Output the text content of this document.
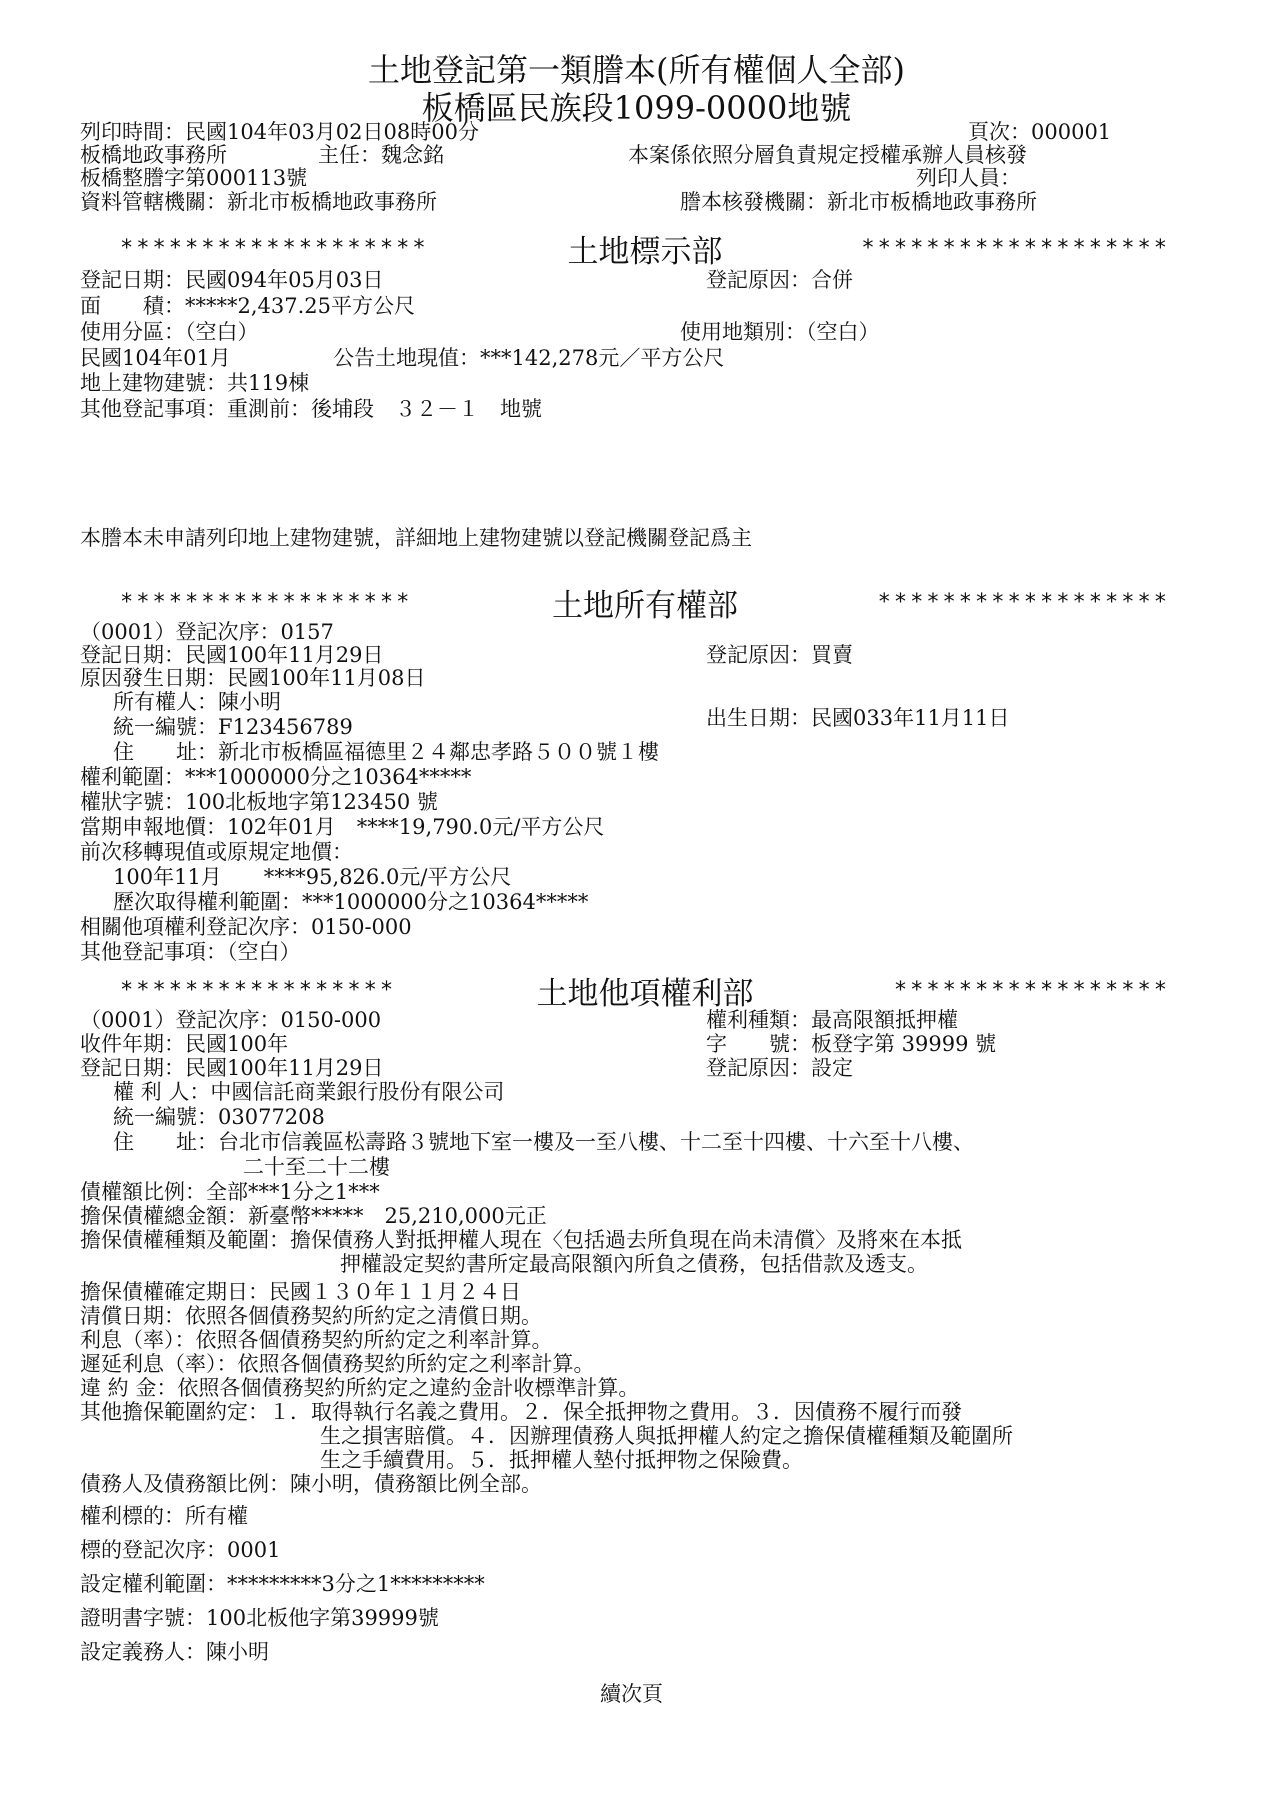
土地登記第一類謄本(所有權個人全部)
板橋區民族段1099-0000地號
列印時間：民國104年03月02日08時00分	頁次：000001
板橋地政事務所	主任：魏念銘	本案係依照分層負責規定授權承辦人員核發
板橋整謄字第000113號	列印人員：
資料管轄機關：新北市板橋地政事務所	謄本核發機關：新北市板橋地政事務所
*******************	土地標示部	*******************
登記日期：民國094年05月03日	登記原因：合併
面　　積：*****2,437.25平方公尺
使用分區：（空白）	使用地類別：（空白）
民國104年01月	公告土地現值：***142,278元／平方公尺
地上建物建號：共119棟
其他登記事項：重測前：後埔段　３２－１　地號
本謄本未申請列印地上建物建號，詳細地上建物建號以登記機關登記爲主
******************	土地所有權部	******************
（0001）登記次序：0157
登記日期：民國100年11月29日	登記原因：買賣
原因發生日期：民國100年11月08日
所有權人：陳小明
統一編號：F123456789	出生日期：民國033年11月11日
住　　址：新北市板橋區福德里２４鄰忠孝路５００號１樓
權利範圍：***1000000分之10364*****
權狀字號：100北板地字第123450 號
當期申報地價：102年01月　****19,790.0元/平方公尺
前次移轉現值或原規定地價：
100年11月　　****95,826.0元/平方公尺
歷次取得權利範圍：***1000000分之10364*****
相關他項權利登記次序：0150-000
其他登記事項：（空白）
*****************	土地他項權利部	*****************
（0001）登記次序：0150-000	權利種類：最高限額抵押權
收件年期：民國100年	字　　號：板登字第 39999 號
登記日期：民國100年11月29日	登記原因：設定
權 利 人：中國信託商業銀行股份有限公司
統一編號：03077208
住　　址：台北市信義區松壽路３號地下室一樓及一至八樓、十二至十四樓、十六至十八樓、
二十至二十二樓
債權額比例：全部***1分之1***
擔保債權總金額：新臺幣*****　25,210,000元正
擔保債權種類及範圍：擔保債務人對抵押權人現在〈包括過去所負現在尚未清償〉及將來在本抵
押權設定契約書所定最高限額內所負之債務，包括借款及透支。
擔保債權確定期日：民國１３０年１１月２４日
清償日期：依照各個債務契約所約定之清償日期。
利息（率）：依照各個債務契約所約定之利率計算。
遲延利息（率）：依照各個債務契約所約定之利率計算。
違 約 金：依照各個債務契約所約定之違約金計收標準計算。
其他擔保範圍約定：１．取得執行名義之費用。２．保全抵押物之費用。３．因債務不履行而發
生之損害賠償。４．因辦理債務人與抵押權人約定之擔保債權種類及範圍所
生之手續費用。５．抵押權人墊付抵押物之保險費。
債務人及債務額比例：陳小明，債務額比例全部。
權利標的：所有權
標的登記次序：0001
設定權利範圍：*********3分之1*********
證明書字號：100北板他字第39999號
設定義務人：陳小明
續次頁
